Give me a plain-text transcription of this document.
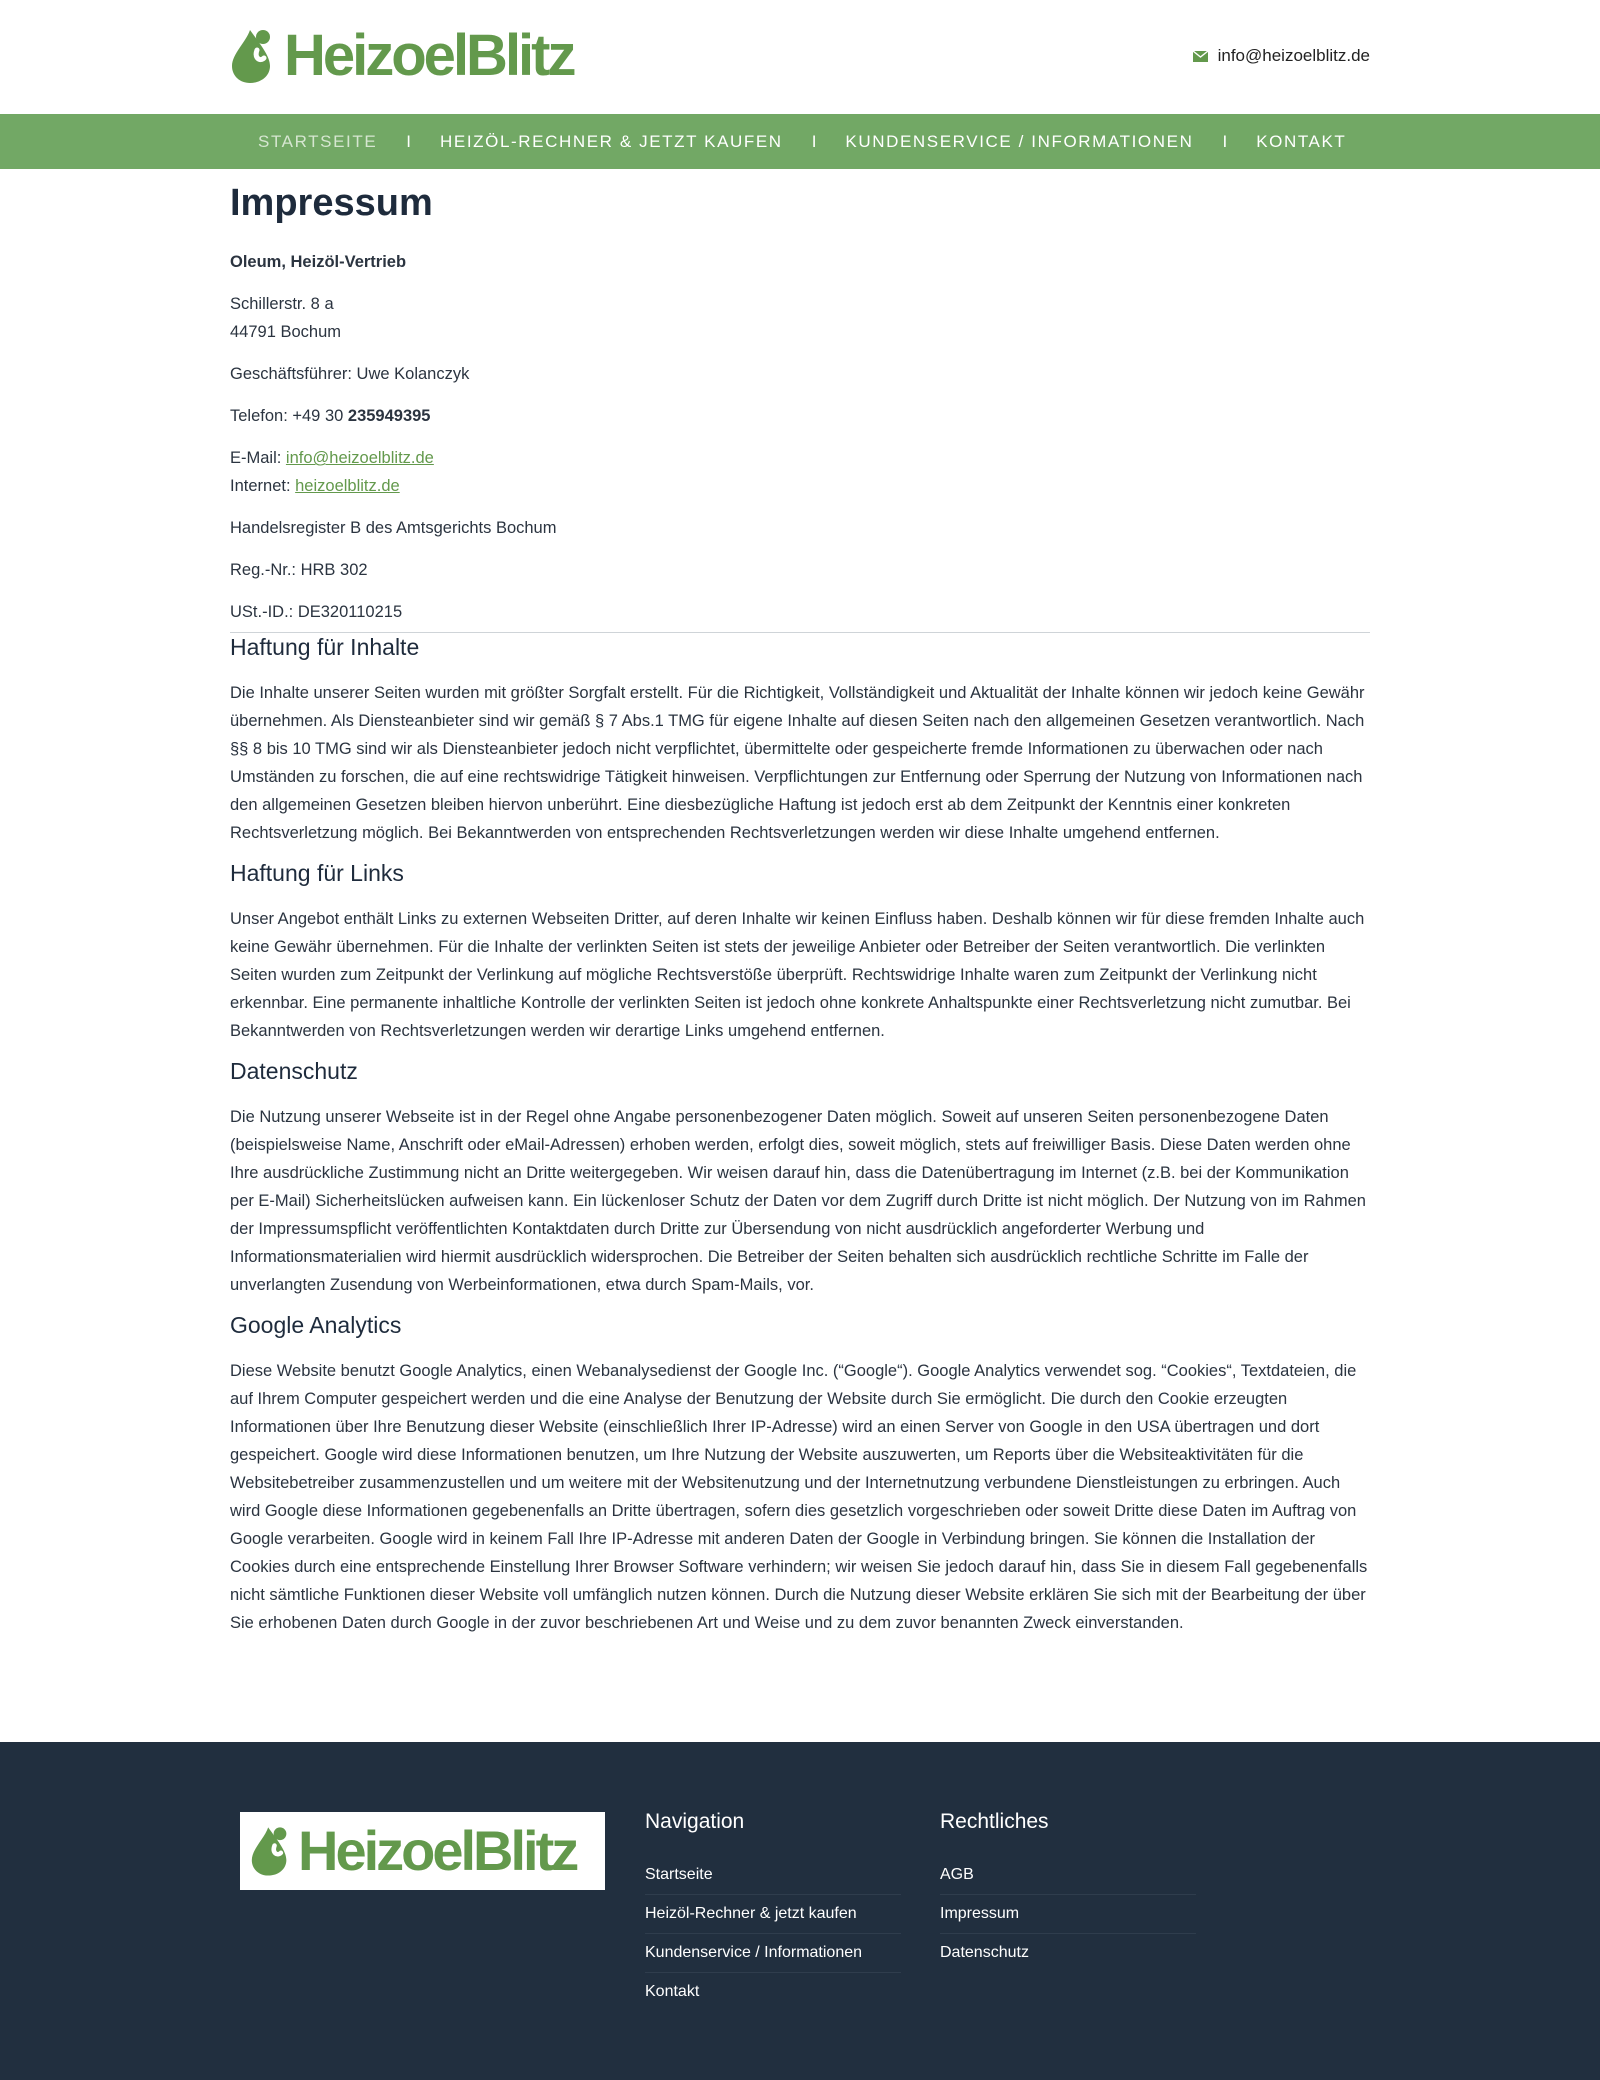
HeizoelBlitz	info@heizoelblitz.de
STARTSEITE I HEIZÖL-RECHNER & JETZT KAUFEN I KUNDENSERVICE / INFORMATIONEN I KONTAKT
Impressum

Oleum, Heizöl-Vertrieb

Schillerstr. 8 a
44791 Bochum

Geschäftsführer: Uwe Kolanczyk

Telefon: +49 30 235949395

E-Mail: info@heizoelblitz.de
Internet: heizoelblitz.de

Handelsregister B des Amtsgerichts Bochum

Reg.-Nr.: HRB 302

USt.-ID.: DE320110215

Haftung für Inhalte

Die Inhalte unserer Seiten wurden mit größter Sorgfalt erstellt. Für die Richtigkeit, Vollständigkeit und Aktualität der Inhalte können wir jedoch keine Gewähr übernehmen. Als Diensteanbieter sind wir gemäß § 7 Abs.1 TMG für eigene Inhalte auf diesen Seiten nach den allgemeinen Gesetzen verantwortlich. Nach §§ 8 bis 10 TMG sind wir als Diensteanbieter jedoch nicht verpflichtet, übermittelte oder gespeicherte fremde Informationen zu überwachen oder nach Umständen zu forschen, die auf eine rechtswidrige Tätigkeit hinweisen. Verpflichtungen zur Entfernung oder Sperrung der Nutzung von Informationen nach den allgemeinen Gesetzen bleiben hiervon unberührt. Eine diesbezügliche Haftung ist jedoch erst ab dem Zeitpunkt der Kenntnis einer konkreten Rechtsverletzung möglich. Bei Bekanntwerden von entsprechenden Rechtsverletzungen werden wir diese Inhalte umgehend entfernen.

Haftung für Links

Unser Angebot enthält Links zu externen Webseiten Dritter, auf deren Inhalte wir keinen Einfluss haben. Deshalb können wir für diese fremden Inhalte auch keine Gewähr übernehmen. Für die Inhalte der verlinkten Seiten ist stets der jeweilige Anbieter oder Betreiber der Seiten verantwortlich. Die verlinkten Seiten wurden zum Zeitpunkt der Verlinkung auf mögliche Rechtsverstöße überprüft. Rechtswidrige Inhalte waren zum Zeitpunkt der Verlinkung nicht erkennbar. Eine permanente inhaltliche Kontrolle der verlinkten Seiten ist jedoch ohne konkrete Anhaltspunkte einer Rechtsverletzung nicht zumutbar. Bei Bekanntwerden von Rechtsverletzungen werden wir derartige Links umgehend entfernen.

Datenschutz

Die Nutzung unserer Webseite ist in der Regel ohne Angabe personenbezogener Daten möglich. Soweit auf unseren Seiten personenbezogene Daten (beispielsweise Name, Anschrift oder eMail-Adressen) erhoben werden, erfolgt dies, soweit möglich, stets auf freiwilliger Basis. Diese Daten werden ohne Ihre ausdrückliche Zustimmung nicht an Dritte weitergegeben. Wir weisen darauf hin, dass die Datenübertragung im Internet (z.B. bei der Kommunikation per E-Mail) Sicherheitslücken aufweisen kann. Ein lückenloser Schutz der Daten vor dem Zugriff durch Dritte ist nicht möglich. Der Nutzung von im Rahmen der Impressumspflicht veröffentlichten Kontaktdaten durch Dritte zur Übersendung von nicht ausdrücklich angeforderter Werbung und Informationsmaterialien wird hiermit ausdrücklich widersprochen. Die Betreiber der Seiten behalten sich ausdrücklich rechtliche Schritte im Falle der unverlangten Zusendung von Werbeinformationen, etwa durch Spam-Mails, vor.

Google Analytics

Diese Website benutzt Google Analytics, einen Webanalysedienst der Google Inc. (“Google“). Google Analytics verwendet sog. “Cookies“, Textdateien, die auf Ihrem Computer gespeichert werden und die eine Analyse der Benutzung der Website durch Sie ermöglicht. Die durch den Cookie erzeugten Informationen über Ihre Benutzung dieser Website (einschließlich Ihrer IP-Adresse) wird an einen Server von Google in den USA übertragen und dort gespeichert. Google wird diese Informationen benutzen, um Ihre Nutzung der Website auszuwerten, um Reports über die Websiteaktivitäten für die Websitebetreiber zusammenzustellen und um weitere mit der Websitenutzung und der Internetnutzung verbundene Dienstleistungen zu erbringen. Auch wird Google diese Informationen gegebenenfalls an Dritte übertragen, sofern dies gesetzlich vorgeschrieben oder soweit Dritte diese Daten im Auftrag von Google verarbeiten. Google wird in keinem Fall Ihre IP-Adresse mit anderen Daten der Google in Verbindung bringen. Sie können die Installation der Cookies durch eine entsprechende Einstellung Ihrer Browser Software verhindern; wir weisen Sie jedoch darauf hin, dass Sie in diesem Fall gegebenenfalls nicht sämtliche Funktionen dieser Website voll umfänglich nutzen können. Durch die Nutzung dieser Website erklären Sie sich mit der Bearbeitung der über Sie erhobenen Daten durch Google in der zuvor beschriebenen Art und Weise und zu dem zuvor benannten Zweck einverstanden.

HeizoelBlitz	Navigation
Startseite
Heizöl-Rechner & jetzt kaufen
Kundenservice / Informationen
Kontakt
Rechtliches
AGB
Impressum
Datenschutz
